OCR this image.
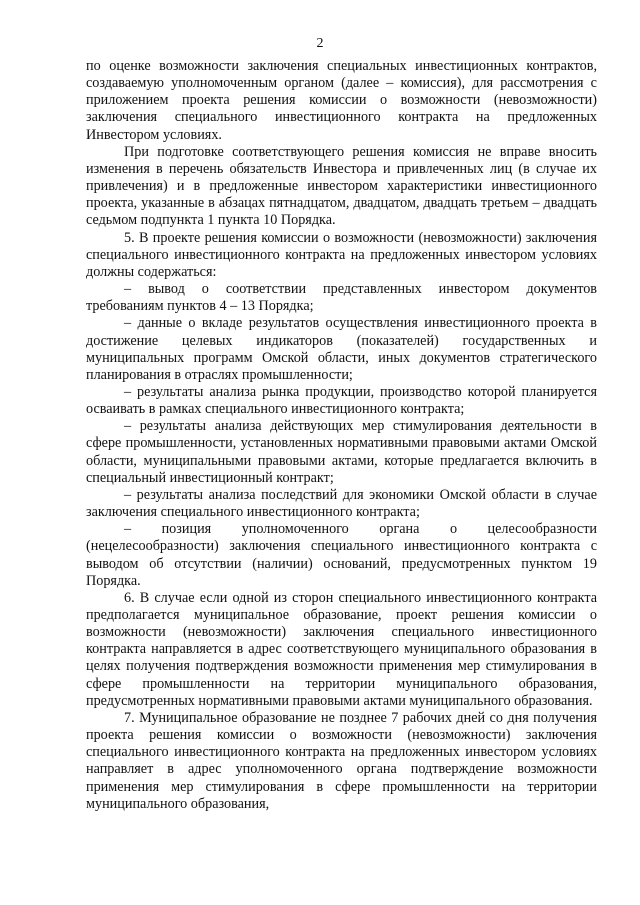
2

по оценке возможности заключения специальных инвестиционных контрактов, создаваемую уполномоченным органом (далее – комиссия), для рассмотрения с приложением проекта решения комиссии о возможности (невозможности) заключения специального инвестиционного контракта на предложенных Инвестором условиях.

При подготовке соответствующего решения комиссия не вправе вносить изменения в перечень обязательств Инвестора и привлеченных лиц (в случае их привлечения) и в предложенные инвестором характеристики инвестиционного проекта, указанные в абзацах пятнадцатом, двадцатом, двадцать третьем – двадцать седьмом подпункта 1 пункта 10 Порядка.

5. В проекте решения комиссии о возможности (невозможности) заключения специального инвестиционного контракта на предложенных инвестором условиях должны содержаться:

– вывод о соответствии представленных инвестором документов требованиям пунктов 4 – 13 Порядка;

– данные о вкладе результатов осуществления инвестиционного проекта в достижение целевых индикаторов (показателей) государственных и муниципальных программ Омской области, иных документов стратегического планирования в отраслях промышленности;

– результаты анализа рынка продукции, производство которой планируется осваивать в рамках специального инвестиционного контракта;

– результаты анализа действующих мер стимулирования деятельности в сфере промышленности, установленных нормативными правовыми актами Омской области, муниципальными правовыми актами, которые предлагается включить в специальный инвестиционный контракт;

– результаты анализа последствий для экономики Омской области в случае заключения специального инвестиционного контракта;

– позиция уполномоченного органа о целесообразности (нецелесообразности) заключения специального инвестиционного контракта с выводом об отсутствии (наличии) оснований, предусмотренных пунктом 19 Порядка.

6. В случае если одной из сторон специального инвестиционного контракта предполагается муниципальное образование, проект решения комиссии о возможности (невозможности) заключения специального инвестиционного контракта направляется в адрес соответствующего муниципального образования в целях получения подтверждения возможности применения мер стимулирования в сфере промышленности на территории муниципального образования, предусмотренных нормативными правовыми актами муниципального образования.

7. Муниципальное образование не позднее 7 рабочих дней со дня получения проекта решения комиссии о возможности (невозможности) заключения специального инвестиционного контракта на предложенных инвестором условиях направляет в адрес уполномоченного органа подтверждение возможности применения мер стимулирования в сфере промышленности на территории муниципального образования,
